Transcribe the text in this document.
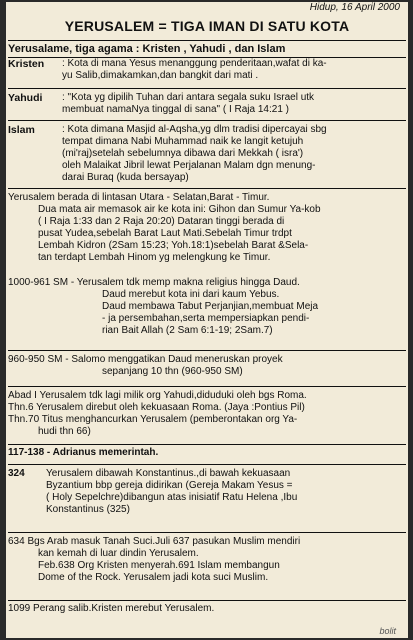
Hidup, 16 April 2000
YERUSALEM = TIGA IMAN DI SATU KOTA
Yerusalame, tiga agama : Kristen , Yahudi , dan Islam
Kristen : Kota di mana Yesus menanggung penderitaan,wafat di ka-
yu Salib,dimakamkan,dan bangkit dari mati .
Yahudi : "Kota yg dipilih Tuhan dari antara segala suku Israel utk
membuat namaNya tinggal di sana" ( I Raja 14:21 )
Islam	: Kota dimana Masjid al-Aqsha,yg dlm tradisi dipercayai sbg
tempat dimana Nabi Muhammad naik ke langit ketujuh
(mi'raj)setelah sebelumnya dibawa dari Mekkah ( isra')
oleh Malaikat Jibril lewat Perjalanan Malam dgn menung-
darai Buraq (kuda bersayap)
Yerusalem berada di lintasan Utara - Selatan,Barat - Timur.
Dua mata air memasok air ke kota ini: Gihon dan Sumur Ya-kob
( I Raja 1:33 dan 2 Raja 20:20) Dataran tinggi berada di
pusat Yudea,sebelah Barat Laut Mati.Sebelah Timur trdpt
Lembah Kidron (2Sam 15:23; Yoh.18:1)sebelah Barat &Sela-
tan terdapt Lembah Hinom yg melengkung ke Timur.
1000-961 SM - Yerusalem tdk memp makna religius hingga Daud.
Daud merebut kota ini dari kaum Yebus.
Daud membawa Tabut Perjanjian,membuat Meja
- ja persembahan,serta mempersiapkan pendi-
rian Bait Allah (2 Sam 6:1-19; 2Sam.7)
960-950 SM - Salomo menggatikan Daud meneruskan proyek
sepanjang 10 thn (960-950 SM)
Abad I Yerusalem tdk lagi milik org Yahudi,diduduki oleh bgs Roma.
Thn.6 Yerusalem direbut oleh kekuasaan Roma. (Jaya :Pontius Pil)
Thn.70 Titus menghancurkan Yerusalem (pemberontakan org Ya-
hudi thn 66)
117-138 - Adrianus memerintah.
324 Yerusalem dibawah Konstantinus.,di bawah kekuasaan
Byzantium bbp gereja didirikan (Gereja Makam Yesus =
( Holy Sepelchre)dibangun atas inisiatif Ratu Helena ,Ibu
Konstantinus (325)
634 Bgs Arab masuk Tanah Suci.Juli 637 pasukan Muslim mendiri
kan kemah di luar dindin Yerusalem.
Feb.638 Org Kristen menyerah.691 Islam membangun
Dome of the Rock. Yerusalem jadi kota suci Muslim.
1099 Perang salib.Kristen merebut Yerusalem.
bolit
